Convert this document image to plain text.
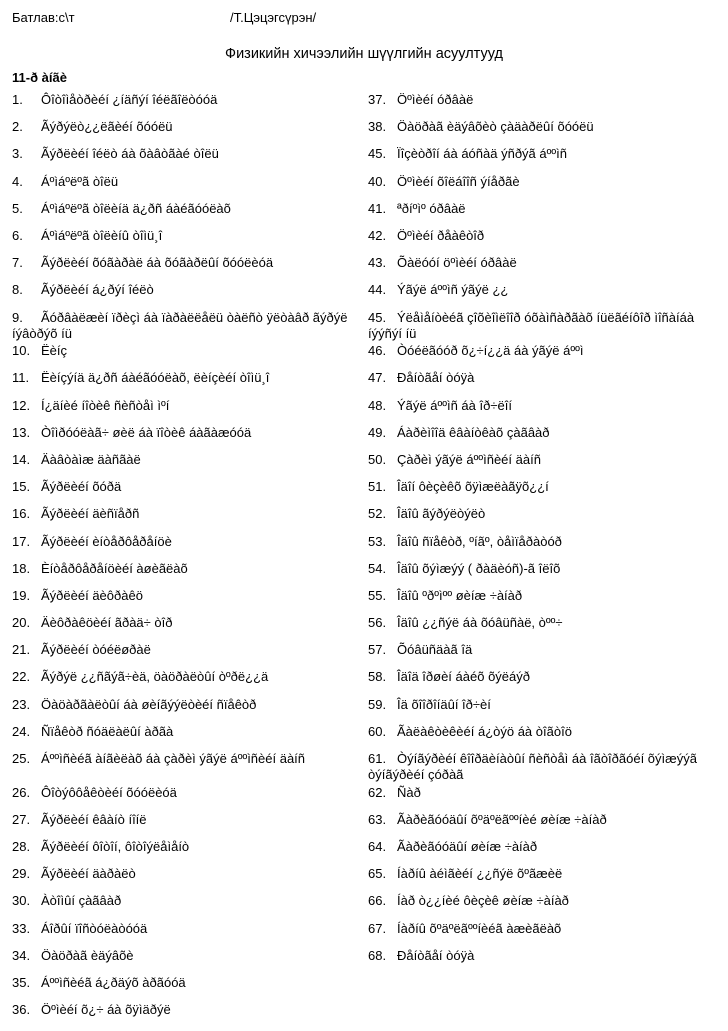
Батлав:с\т	/Т.Цэцэгсүрэн/
Физикийн хичээлийн шүүлгийн асуултууд
11-ð àíãè
1. Ôîòîìåòðèéí ¿íäñýí îéëãîëòóóä
2. Ãýðýëò¿¿ëãèéí õóóëü
3. Ãýðëèéí îéëò áà õàâòãàé òîëü
4. Áºìáºëºã òîëü
5. Áºìáºëºã òîëèíä ä¿ðñ áàéãóóëàõ
6. Áºìáºëºã òîëèíû òîìü¸î
7. Ãýðëèéí õóãàðàë áà õóãàðëûí õóóëèóä
8. Ãýðëèéí á¿ðýí îéëò
9. Ãóðâàëæèí ïðèçì áà ïàðàëëåëü òàëñò ÿëòàâð ãýðýë íýâòðýõ íü
10. Ëèíç
11. Ëèíçýíä ä¿ðñ áàéãóóëàõ, ëèíçèéí òîìü¸î
12. Í¿äíèé íîòèê ñèñòåì ìºí
13. Òîìðóóëàã÷ øèë áà ïîòèê áàãàæóóä
14. Äàâòàìæ äàñãàë
15. Ãýðëèéí õóðä
16. Ãýðëèéí äèñïåðñ
17. Ãýðëèéí èíòåðôåðåíöè
18. Èíòåðôåðåíöèéí àøèãëàõ
19. Ãýðëèéí äèôðàêö
20. Äèôðàêöèéí ãðàä÷ òîð
21. Ãýðëèéí òóéëøðàë
22. Ãýðýë ¿¿ñãýã÷èä, öàöðàëòûí òºðë¿¿ä
23. Öàöàðãàëòûí áà øèíãýýëòèéí ñïåêòð
24. Ñïåêòð ñóäëàëûí àðãà
25. Áººìñèéã àíãèëàõ áà çàðèì ýãýë áººìñèéí äàíñ
26. Ôîòýôôåêòèéí õóóëèóä
27. Ãýðëèéí êâàíò íîíë
28. Ãýðëèéí ôîòîí, ôîòîýëåìåíò
29. Ãýðëèéí äàðàëò
30. Àòîìûí çàãâàð
33. Áîðûí ïîñòóëàòóóä
34. Öàöðàã èäýâõè
35. Áººìñèéã á¿ðäýõ àðãóóä
36. Öºìèéí õ¿÷ áà õÿìäðýë
37. Öºìèéí óðâàë
38. Öàöðàã èäýâõèò çàäàðëûí õóóëü
45. Ïîçèòðîí áà áóñàä ýñðýã áººìñ
40. Öºìèéí õîëáîîñ ýíåðãè
41. ªðíºìº óðâàë
42. Öºìèéí ðåàêòîð
43. Õàëóóí öºìèéí óðâàë
44. Ýãýë áººìñ ýãýë ¿¿
45. Ýëåìåíòèéã çîõèîìëîîð óõàìñàðãàõ íüëãéíôîð ìîñàíáà íýýñýí íü
46. Òóéëãóóð õ¿÷í¿¿ä áà ýãýë áººì
47. Ðåíòãåí òóÿà
48. Ýãýë áººìñ áà îð÷ëîí
49. Áàðèìîîä êâàíòêàõ çàãâàð
50. Çàðèì ýãýë áººìñèéí äàíñ
51. Îäîí ôèçèêõ õÿìæëàãÿõ¿¿í
52. Îäîû ãýðýëòýëò
53. Îäîû ñïåêòð, ºíãº, òåìïåðàòóð
54. Îäîû õýìæýý ( ðàäèóñ)-ã îëîõ
55. Îäîû ºðºìºº øèíæ ÷àíàð
56. Îäîû ¿¿ñýë áà õóâüñàë, òºº÷
57. Õóâüñäàã îä
58. Îäîä îðøèí áàéõ õýëáýð
59. Îä õîîðîíäûí îð÷èí
60. Ãàëàêòèêèéí á¿òýö áà òîãòîö
61. Òýíãýðèéí êîîðäèíàòûí ñèñòåì áà îãòîðãóéí õýìæýýã òýíãýðèéí çóðàã
62. Ñàð
63. Ãàðèãóóäûí õºäºëãººíèé øèíæ ÷àíàð
64. Ãàðèãóóäûí øèíæ ÷àíàð
65. Íàðíû àéìãèéí ¿¿ñýë õºãæèë
66. Íàð ò¿¿íèé ôèçèê øèíæ ÷àíàð
67. Íàðíû õºäºëãººíèéã àæèãëàõ
68. Ðåíòãåí òóÿà
